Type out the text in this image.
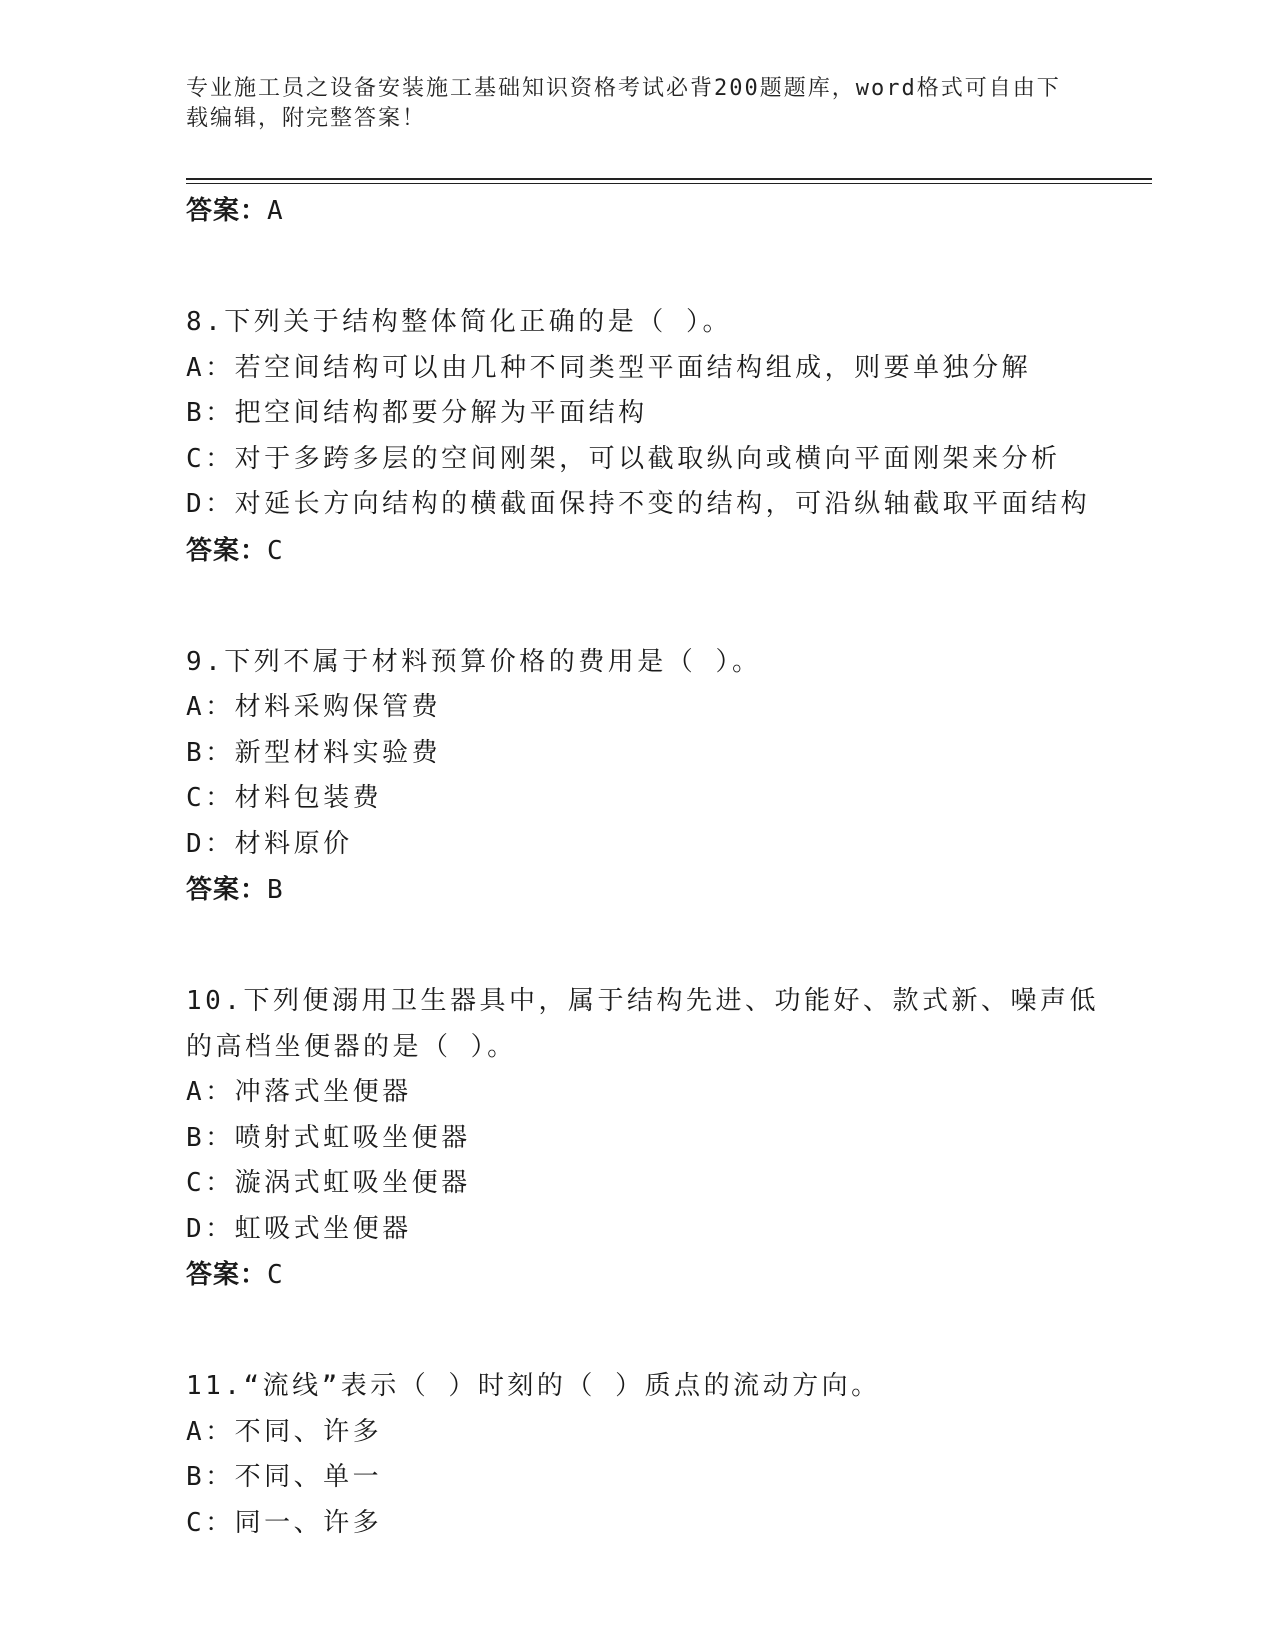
专业施工员之设备安装施工基础知识资格考试必背200题题库，word格式可自由下载编辑，附完整答案！
答案：A
8.下列关于结构整体简化正确的是（ ）。
A：若空间结构可以由几种不同类型平面结构组成，则要单独分解
B：把空间结构都要分解为平面结构
C：对于多跨多层的空间刚架，可以截取纵向或横向平面刚架来分析
D：对延长方向结构的横截面保持不变的结构，可沿纵轴截取平面结构
答案：C
9.下列不属于材料预算价格的费用是（ ）。
A：材料采购保管费
B：新型材料实验费
C：材料包装费
D：材料原价
答案：B
10.下列便溺用卫生器具中，属于结构先进、功能好、款式新、噪声低
的高档坐便器的是（ ）。
A：冲落式坐便器
B：喷射式虹吸坐便器
C：漩涡式虹吸坐便器
D：虹吸式坐便器
答案：C
11.“流线”表示（ ）时刻的（ ）质点的流动方向。
A：不同、许多
B：不同、单一
C：同一、许多
